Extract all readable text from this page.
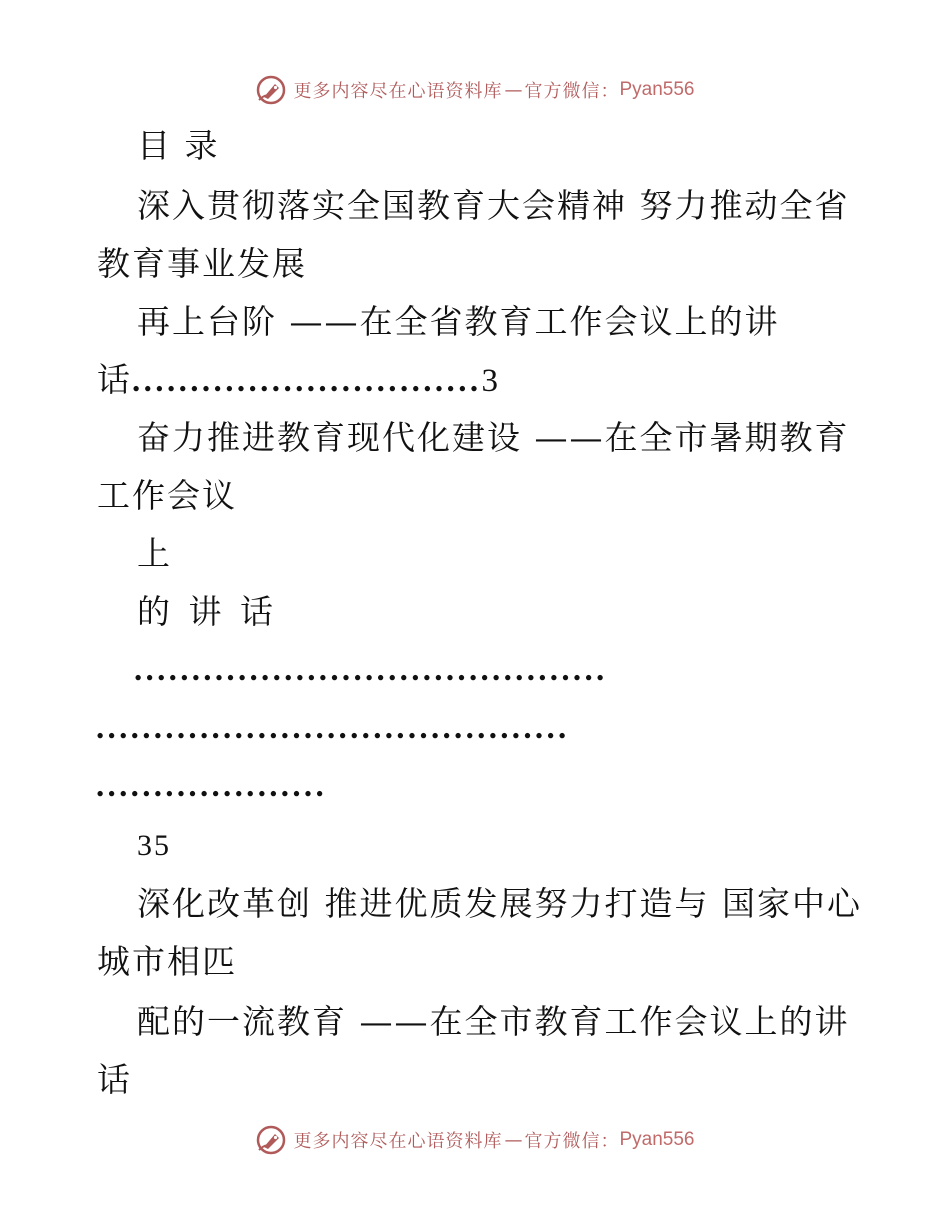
更多内容尽在心语资料库 — 官方微信： Pyan556
目 录
深入贯彻落实全国教育大会精神 努力推动全省
教育事业发展
再上台阶 ——在全省教育工作会议上的讲
话..............................3
奋力推进教育现代化建设 ——在全市暑期教育
工作会议
上
的 讲 话
.........................................
.........................................
....................
35
深化改革创 推进优质发展努力打造与 国家中心
城市相匹
配的一流教育 ——在全市教育工作会议上的讲
话
更多内容尽在心语资料库 — 官方微信： Pyan556
